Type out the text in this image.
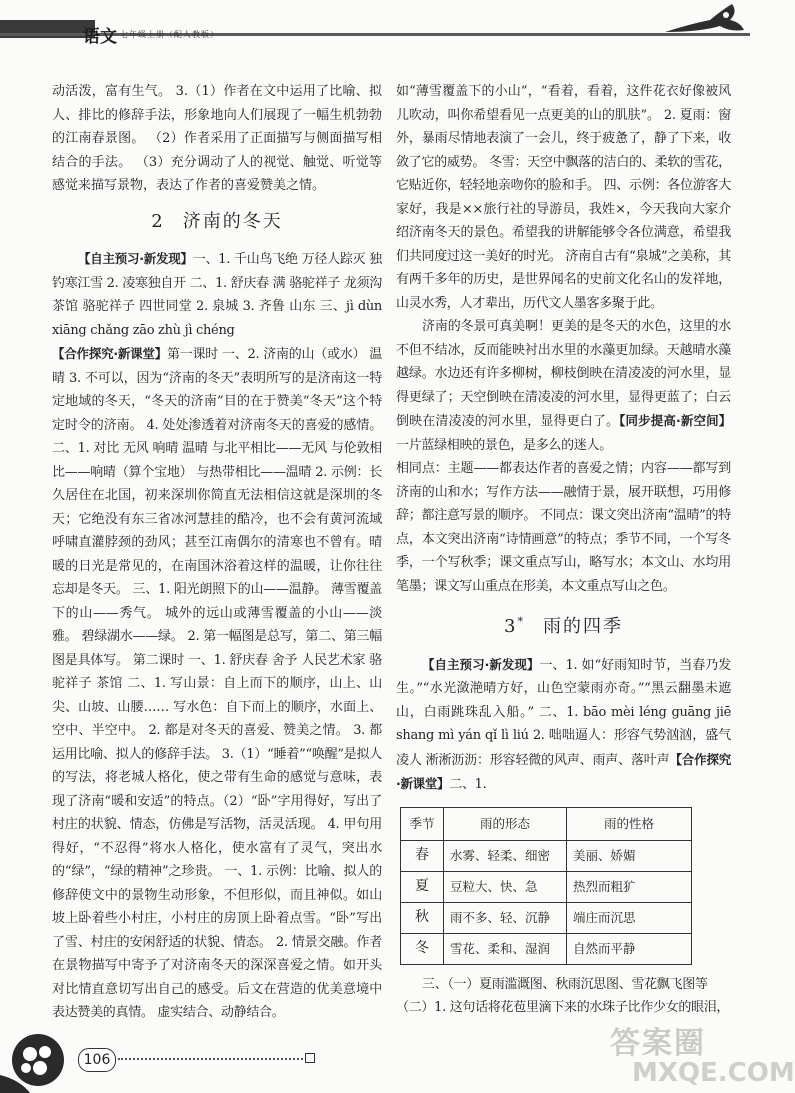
语文 七年级上册（配人教版）

动活泼，富有生气。 3.（1）作者在文中运用了比喻、拟人、排比的修辞手法，形象地向人们展现了一幅生机勃勃的江南春景图。 （2）作者采用了正面描写与侧面描写相结合的手法。 （3）充分调动了人的视觉、触觉、听觉等感觉来描写景物，表达了作者的喜爱赞美之情。

2 济南的冬天

【自主预习·新发现】一、1. 千山鸟飞绝 万径人踪灭 独钓寒江雪 2. 凌寒独自开 二、1. 舒庆春 满 骆驼祥子 龙须沟 茶馆 骆驼祥子 四世同堂 2. 泉城 3. 齐鲁 山东 三、jì dùn xiāng chǎng zāo zhù jì chéng

【合作探究·新课堂】第一课时 一、2. 济南的山（或水） 温晴 3. 不可以，因为“济南的冬天”表明所写的是济南这一特定地域的冬天，“冬天的济南”目的在于赞美“冬天”这个特定时令的济南。 4. 处处渗透着对济南冬天的喜爱的感情。 二、1. 对比 无风 响晴 温晴 与北平相比——无风 与伦敦相比——响晴（算个宝地） 与热带相比——温晴 2. 示例：长久居住在北国，初来深圳你简直无法相信这就是深圳的冬天；它绝没有东三省冰河慧挂的酷冷，也不会有黄河流域呼啸直灌脖颈的劲风；甚至江南偶尔的清寒也不曾有。晴暖的日光是常见的，在南国沐浴着这样的温暖，让你往往忘却是冬天。 三、1. 阳光朗照下的山——温静。 薄雪覆盖下的山——秀气。 城外的远山或薄雪覆盖的小山——淡雅。 碧绿湖水——绿。 2. 第一幅图是总写，第二、第三幅图是具体写。 第二课时 一、1. 舒庆春 舍予 人民艺术家 骆驼祥子 茶馆 二、1. 写山景：自上而下的顺序，山上、山尖、山坡、山腰…… 写水色：自下而上的顺序，水面上、空中、半空中。 2. 都是对冬天的喜爱、赞美之情。 3. 都运用比喻、拟人的修辞手法。 3.（1）“睡着”“唤醒”是拟人的写法，将老城人格化，使之带有生命的感觉与意味，表现了济南“暖和安适”的特点。（2）“卧”字用得好，写出了村庄的状貌、情态，仿佛是写活物，活灵活现。 4. 甲句用得好，“不忍得”将水人格化，使水富有了灵气，突出水的“绿”，“绿的精神”之珍贵。 一、1. 示例：比喻、拟人的修辞使文中的景物生动形象，不但形似，而且神似。如山坡上卧着些小村庄，小村庄的房顶上卧着点雪。“卧”写出了雪、村庄的安闲舒适的状貌、情态。 2. 情景交融。作者在景物描写中寄予了对济南冬天的深深喜爱之情。如开头对比情直意切写出自己的感受。后文在营造的优美意境中表达赞美的真情。 虚实结合、动静结合。

如“薄雪覆盖下的小山”，“看着，看着，这件花衣好像被风儿吹动，叫你希望看见一点更美的山的肌肤”。 2. 夏雨：窗外，暴雨尽情地表演了一会儿，终于疲惫了，静了下来，收敛了它的威势。 冬雪：天空中飘落的洁白的、柔软的雪花，它贴近你，轻轻地亲吻你的脸和手。 四、示例：各位游客大家好，我是××旅行社的导游员，我姓×，今天我向大家介绍济南冬天的景色。希望我的讲解能够令各位满意，希望我们共同度过这一美好的时光。 济南自古有“泉城”之美称，其有两千多年的历史，是世界闻名的史前文化名山的发祥地，山灵水秀，人才辈出，历代文人墨客多聚于此。

济南的冬景可真美啊！更美的是冬天的水色，这里的水不但不结冰，反而能映衬出水里的水藻更加绿。天越晴水藻越绿。水边还有许多柳树，柳枝倒映在清凌凌的河水里，显得更绿了；天空倒映在清凌凌的河水里，显得更蓝了；白云倒映在清凌凌的河水里，显得更白了。【同步提高·新空间】一片蓝绿相映的景色，是多么的迷人。

相同点：主题——都表达作者的喜爱之情；内容——都写到济南的山和水；写作方法——融情于景，展开联想，巧用修辞；都注意写景的顺序。 不同点：课文突出济南“温晴”的特点，本文突出济南“诗情画意”的特点；季节不同，一个写冬季，一个写秋季；课文重点写山，略写水；本文山、水均用笔墨；课文写山重点在形美，本文重点写山之色。

3* 雨的四季

【自主预习·新发现】一、1. 如“好雨知时节，当春乃发生。”“水光潋滟晴方好，山色空蒙雨亦奇。”“黑云翻墨未遮山，白雨跳珠乱入船。” 二、1. bāo mèi léng guāng jiē shang mì yán qǐ lì liú 2. 咄咄逼人：形容气势汹汹，盛气凌人 淅淅沥沥：形容轻微的风声、雨声、落叶声【合作探究·新课堂】二、1.

季节	雨的形态	雨的性格
春	水雾、轻柔、细密	美丽、娇媚
夏	豆粒大、快、急	热烈而粗犷
秋	雨不多、轻、沉静	端庄而沉思
冬	雪花、柔和、湿润	自然而平静

三、（一）夏雨滥溉图、秋雨沉思图、雪花飘飞图等

（二）1. 这句话将花苞里滴下来的水珠子比作少女的眼泪，

106	答案圈
MXQE.COM
